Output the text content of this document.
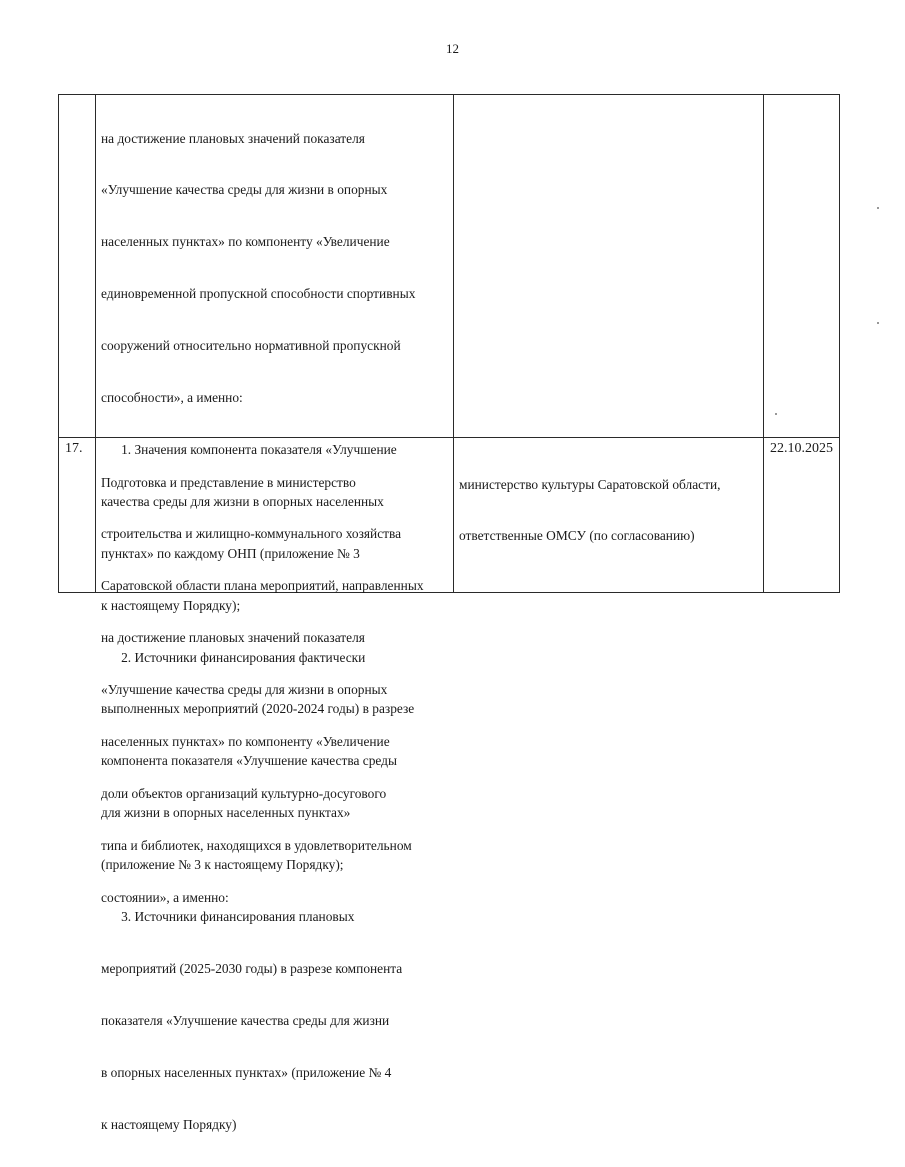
12

на достижение плановых значений показателя

«Улучшение качества среды для жизни в опорных

населенных пунктах» по компоненту «Увеличение

единовременной пропускной способности спортивных

сооружений относительно нормативной пропускной

способности», а именно:

1. Значения компонента показателя «Улучшение

качества среды для жизни в опорных населенных

пунктах» по каждому ОНП (приложение № 3

к настоящему Порядку);

2. Источники финансирования фактически

выполненных мероприятий (2020-2024 годы) в разрезе

компонента показателя «Улучшение качества среды

для жизни в опорных населенных пунктах»

(приложение № 3 к настоящему Порядку);

3. Источники финансирования плановых

мероприятий (2025-2030 годы) в разрезе компонента

показателя «Улучшение качества среды для жизни

в опорных населенных пунктах» (приложение № 4

к настоящему Порядку)

17.

Подготовка и представление в министерство

строительства и жилищно-коммунального хозяйства

Саратовской области плана мероприятий, направленных

на достижение плановых значений показателя

«Улучшение качества среды для жизни в опорных

населенных пунктах» по компоненту «Увеличение

доли объектов организаций культурно-досугового

типа и библиотек, находящихся в удовлетворительном

состоянии», а именно:

министерство культуры Саратовской области,

ответственные ОМСУ (по согласованию)

22.10.2025
